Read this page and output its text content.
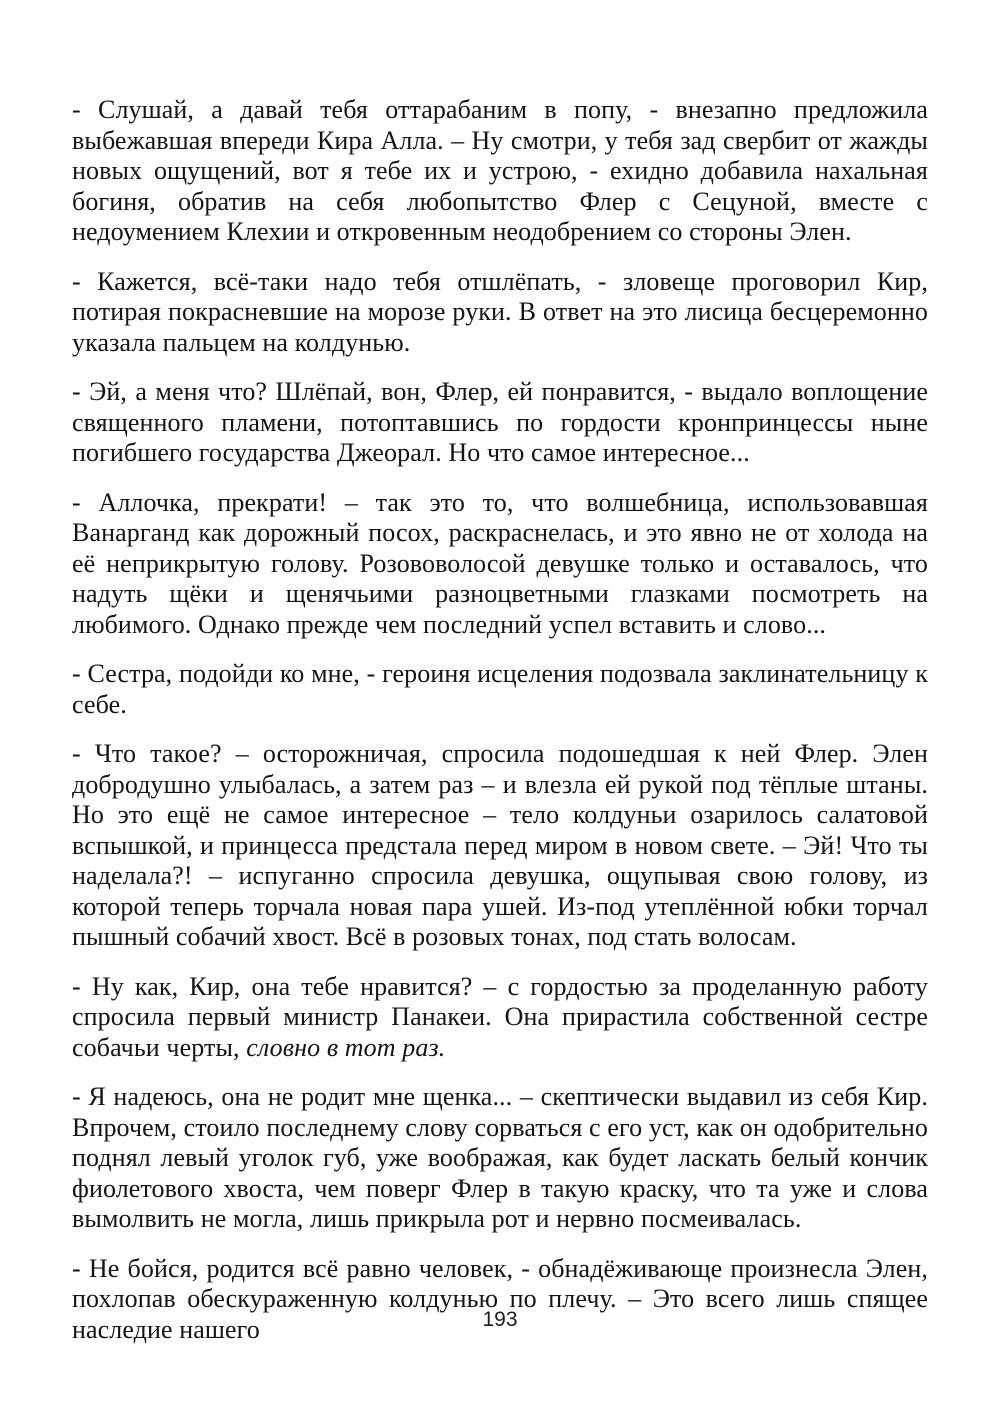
- Слушай, а давай тебя оттарабаним в попу, - внезапно предложила выбежавшая впереди Кира Алла. – Ну смотри, у тебя зад свербит от жажды новых ощущений, вот я тебе их и устрою, - ехидно добавила нахальная богиня, обратив на себя любопытство Флер с Сецуной, вместе с недоумением Клехии и откровенным неодобрением со стороны Элен.

- Кажется, всё-таки надо тебя отшлёпать, - зловеще проговорил Кир, потирая покрасневшие на морозе руки. В ответ на это лисица бесцеремонно указала пальцем на колдунью.

- Эй, а меня что? Шлёпай, вон, Флер, ей понравится, - выдало воплощение священного пламени, потоптавшись по гордости кронпринцессы ныне погибшего государства Джеорал. Но что самое интересное...

- Аллочка, прекрати! – так это то, что волшебница, использовавшая Ванарганд как дорожный посох, раскраснелась, и это явно не от холода на её неприкрытую голову. Розововолосой девушке только и оставалось, что надуть щёки и щенячьими разноцветными глазками посмотреть на любимого. Однако прежде чем последний успел вставить и слово...

- Сестра, подойди ко мне, - героиня исцеления подозвала заклинательницу к себе.

- Что такое? – осторожничая, спросила подошедшая к ней Флер. Элен добродушно улыбалась, а затем раз – и влезла ей рукой под тёплые штаны. Но это ещё не самое интересное – тело колдуньи озарилось салатовой вспышкой, и принцесса предстала перед миром в новом свете. – Эй! Что ты наделала?! – испуганно спросила девушка, ощупывая свою голову, из которой теперь торчала новая пара ушей. Из-под утеплённой юбки торчал пышный собачий хвост. Всё в розовых тонах, под стать волосам.

- Ну как, Кир, она тебе нравится? – с гордостью за проделанную работу спросила первый министр Панакеи. Она прирастила собственной сестре собачьи черты, словно в тот раз.

- Я надеюсь, она не родит мне щенка... – скептически выдавил из себя Кир. Впрочем, стоило последнему слову сорваться с его уст, как он одобрительно поднял левый уголок губ, уже воображая, как будет ласкать белый кончик фиолетового хвоста, чем поверг Флер в такую краску, что та уже и слова вымолвить не могла, лишь прикрыла рот и нервно посмеивалась.

- Не бойся, родится всё равно человек, - обнадёживающе произнесла Элен, похлопав обескураженную колдунью по плечу. – Это всего лишь спящее наследие нашего	193
